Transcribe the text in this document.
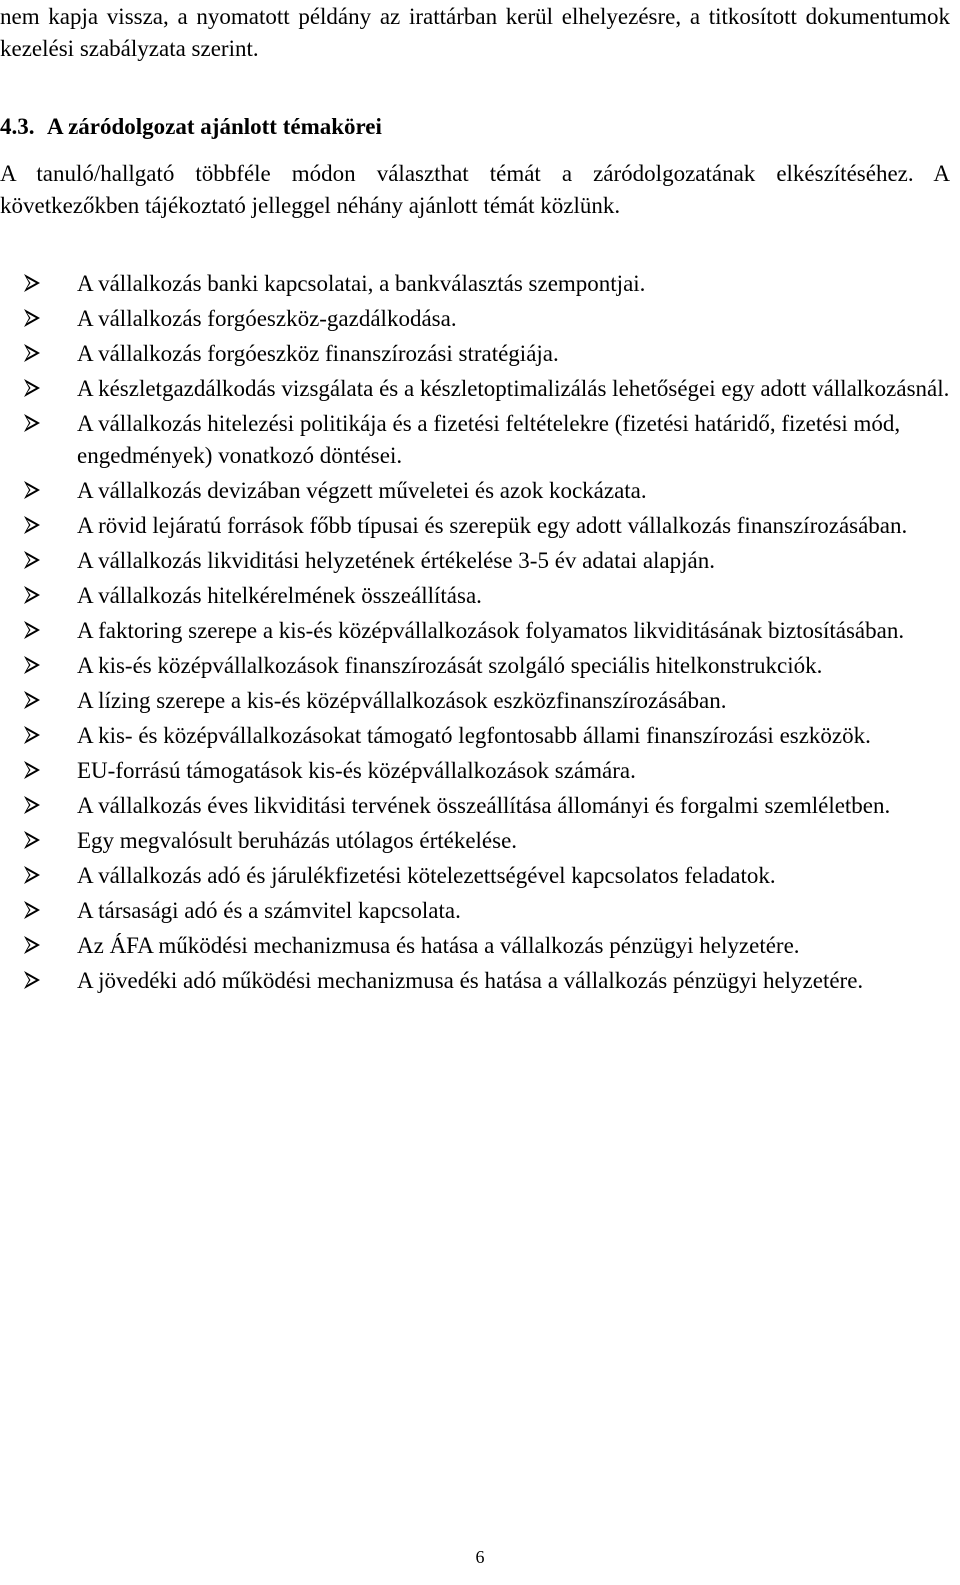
nem kapja vissza, a nyomatott példány az irattárban kerül elhelyezésre, a titkosított dokumentumok kezelési szabályzata szerint.

4.3. A záródolgozat ajánlott témakörei

A tanuló/hallgató többféle módon választhat témát a záródolgozatának elkészítéséhez. A következőkben tájékoztató jelleggel néhány ajánlott témát közlünk.

A vállalkozás banki kapcsolatai, a bankválasztás szempontjai.
A vállalkozás forgóeszköz-gazdálkodása.
A vállalkozás forgóeszköz finanszírozási stratégiája.
A készletgazdálkodás vizsgálata és a készletoptimalizálás lehetőségei egy adott vállalkozásnál.
A vállalkozás hitelezési politikája és a fizetési feltételekre (fizetési határidő, fizetési mód, engedmények) vonatkozó döntései.
A vállalkozás devizában végzett műveletei és azok kockázata.
A rövid lejáratú források főbb típusai és szerepük egy adott vállalkozás finanszírozásában.
A vállalkozás likviditási helyzetének értékelése 3-5 év adatai alapján.
A vállalkozás hitelkérelmének összeállítása.
A faktoring szerepe a kis-és középvállalkozások folyamatos likviditásának biztosításában.
A kis-és középvállalkozások finanszírozását szolgáló speciális hitelkonstrukciók.
A lízing szerepe a kis-és középvállalkozások eszközfinanszírozásában.
A kis- és középvállalkozásokat támogató legfontosabb állami finanszírozási eszközök.
EU-forrású támogatások kis-és középvállalkozások számára.
A vállalkozás éves likviditási tervének összeállítása állományi és forgalmi szemléletben.
Egy megvalósult beruházás utólagos értékelése.
A vállalkozás adó és járulékfizetési kötelezettségével kapcsolatos feladatok.
A társasági adó és a számvitel kapcsolata.
Az ÁFA működési mechanizmusa és hatása a vállalkozás pénzügyi helyzetére.
A jövedéki adó működési mechanizmusa és hatása a vállalkozás pénzügyi helyzetére.
6
